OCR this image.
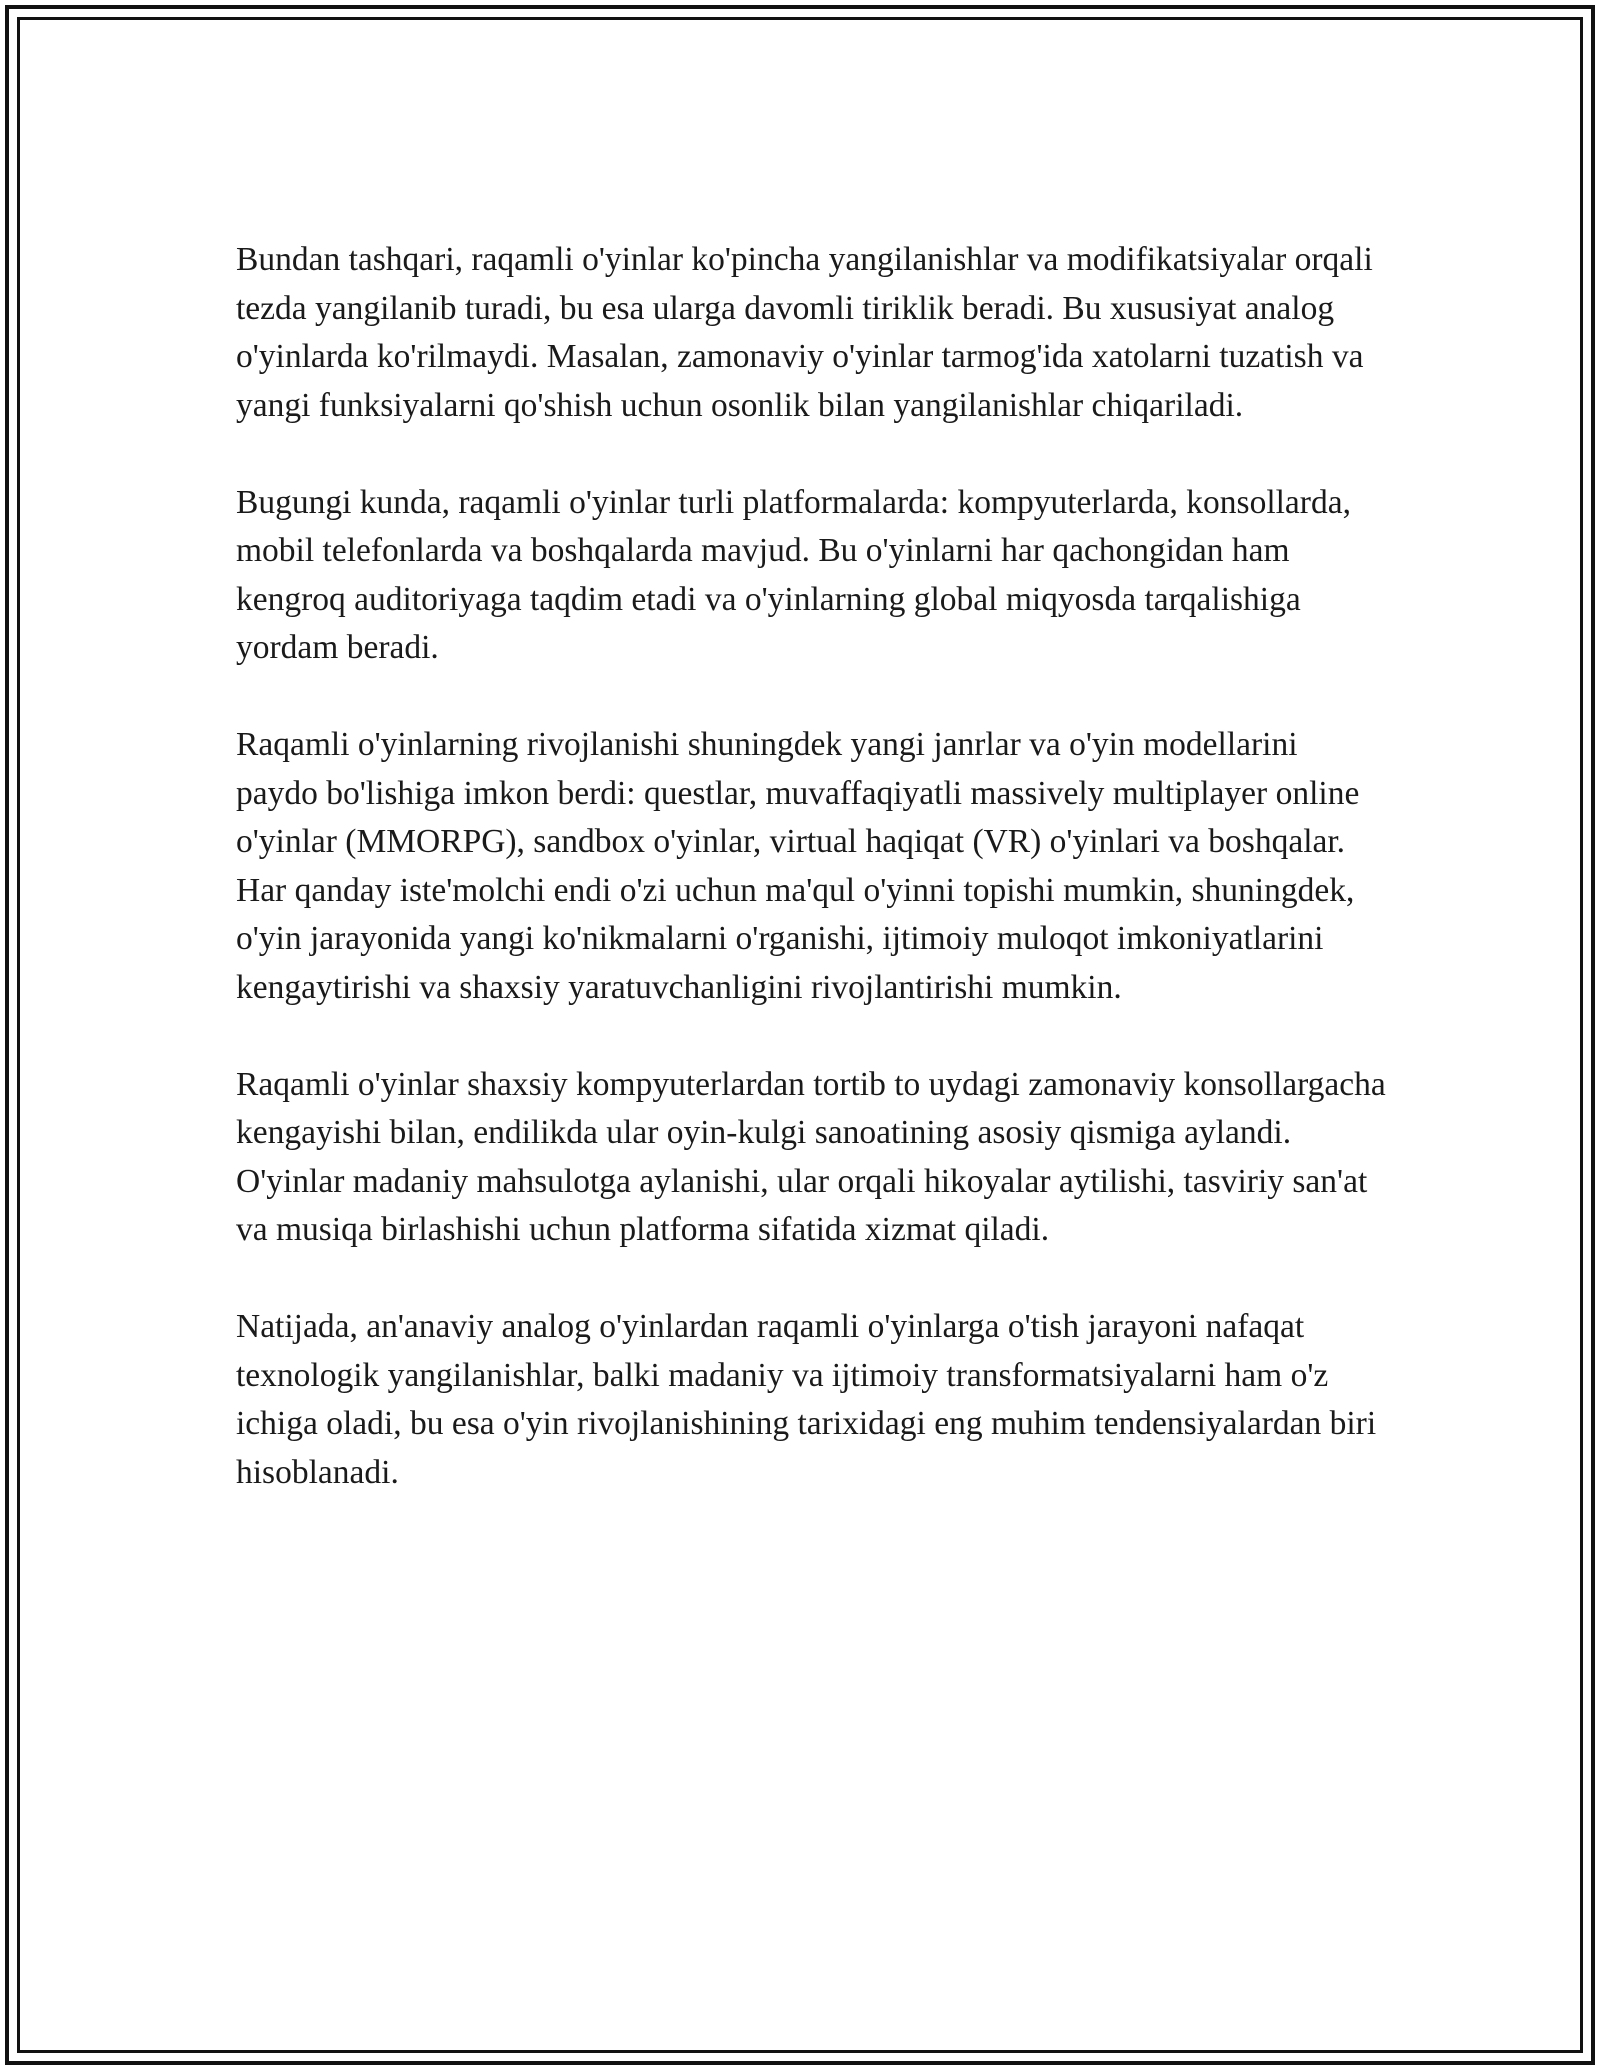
Bundan tashqari, raqamli o'yinlar ko'pincha yangilanishlar va modifikatsiyalar orqali tezda yangilanib turadi, bu esa ularga davomli tiriklik beradi. Bu xususiyat analog o'yinlarda ko'rilmaydi. Masalan, zamonaviy o'yinlar tarmog'ida xatolarni tuzatish va yangi funksiyalarni qo'shish uchun osonlik bilan yangilanishlar chiqariladi.

Bugungi kunda, raqamli o'yinlar turli platformalarda: kompyuterlarda, konsollarda, mobil telefonlarda va boshqalarda mavjud. Bu o'yinlarni har qachongidan ham kengroq auditoriyaga taqdim etadi va o'yinlarning global miqyosda tarqalishiga yordam beradi.

Raqamli o'yinlarning rivojlanishi shuningdek yangi janrlar va o'yin modellarini paydo bo'lishiga imkon berdi: questlar, muvaffaqiyatli massively multiplayer online o'yinlar (MMORPG), sandbox o'yinlar, virtual haqiqat (VR) o'yinlari va boshqalar. Har qanday iste'molchi endi o'zi uchun ma'qul o'yinni topishi mumkin, shuningdek, o'yin jarayonida yangi ko'nikmalarni o'rganishi, ijtimoiy muloqot imkoniyatlarini kengaytirishi va shaxsiy yaratuvchanligini rivojlantirishi mumkin.

Raqamli o'yinlar shaxsiy kompyuterlardan tortib to uydagi zamonaviy konsollargacha kengayishi bilan, endilikda ular oyin-kulgi sanoatining asosiy qismiga aylandi. O'yinlar madaniy mahsulotga aylanishi, ular orqali hikoyalar aytilishi, tasviriy san'at va musiqa birlashishi uchun platforma sifatida xizmat qiladi.

Natijada, an'anaviy analog o'yinlardan raqamli o'yinlarga o'tish jarayoni nafaqat texnologik yangilanishlar, balki madaniy va ijtimoiy transformatsiyalarni ham o'z ichiga oladi, bu esa o'yin rivojlanishining tarixidagi eng muhim tendensiyalardan biri hisoblanadi.
